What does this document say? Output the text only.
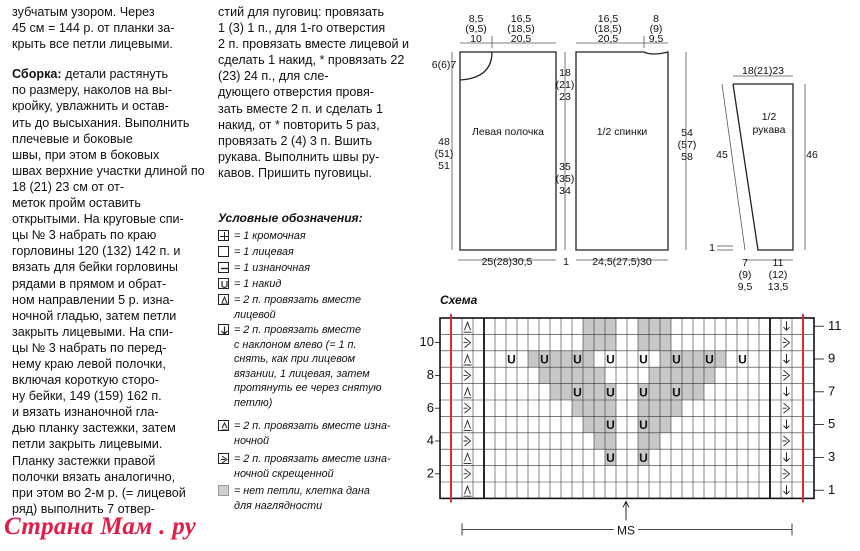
зубчатым узором. Через
45 см = 144 р. от планки за-
крыть все петли лицевыми.

Сборка: детали растянуть
по размеру, наколов на вы-
кройку, увлажнить и остав-
ить до высыхания. Выполнить плечевые и боковые
швы, при этом в боковых
швах верхние участки длиной по 18 (21) 23 см от от-
меток пройм оставить
открытыми. На круговые спи-
цы № 3 набрать по краю
горловины 120 (132) 142 п. и
вязать для бейки горловины
рядами в прямом и обрат-
ном направлении 5 р. изна-
ночной гладью, затем петли
закрыть лицевыми. На спи-
цы № 3 набрать по перед-
нему краю левой полочки,
включая короткую сторо-
ну бейки, 149 (159) 162 п.
и вязать изнаночной гла-
дью планку застежки, затем
петли закрыть лицевыми.
Планку застежки правой
полочки вязать аналогично,
при этом во 2-м р. (= лицевой ряд) выполнить 7 отвер-

стий для пуговиц: провязать
1 (3) 1 п., для 1-го отверстия
2 п. провязать вместе лицевой и сделать 1 накид, * провязать 22 (23) 24 п., для сле-
дующего отверстия провя-
зать вместе 2 п. и сделать 1
накид, от * повторить 5 раз,
провязать 2 (4) 3 п. Вшить
рукава. Выполнить швы ру-
кавов. Пришить пуговицы.

Условные обозначения:
= 1 кромочная
= 1 лицевая
= 1 изнаночная
= 1 накид
= 2 п. провязать вместе
лицевой
= 2 п. провязать вместе
с наклоном влево (= 1 п.
снять, как при лицевом
вязании, 1 лицевая, затем
протянуть ее через снятую
петлю)
= 2 п. провязать вместе изна-
ночной
= 2 п. провязать вместе изна-
ночной скрещенной
= нет петли, клетка дана
для наглядности
8,5
(9,5)
10
16,5
(18,5)
20,5
16,5
(18,5)
20,5
8
(9)
9,5
6(6)7
18
(21)
23
48
(51)
51	35
(35)
34
54
(57)
58
Левая полочка	1/2 спинки
25(28)30,5	1 24,5(27,5)30
18(21)23
1/2
рукава
45	46
1
7
(9)
9,5
11
(12)
13,5
Схема
U U U U U U U U
U	U
U U
U U
U U
10
8
6
4
2
11
9
7
5
3
1
MS
Страна Мам . ру
